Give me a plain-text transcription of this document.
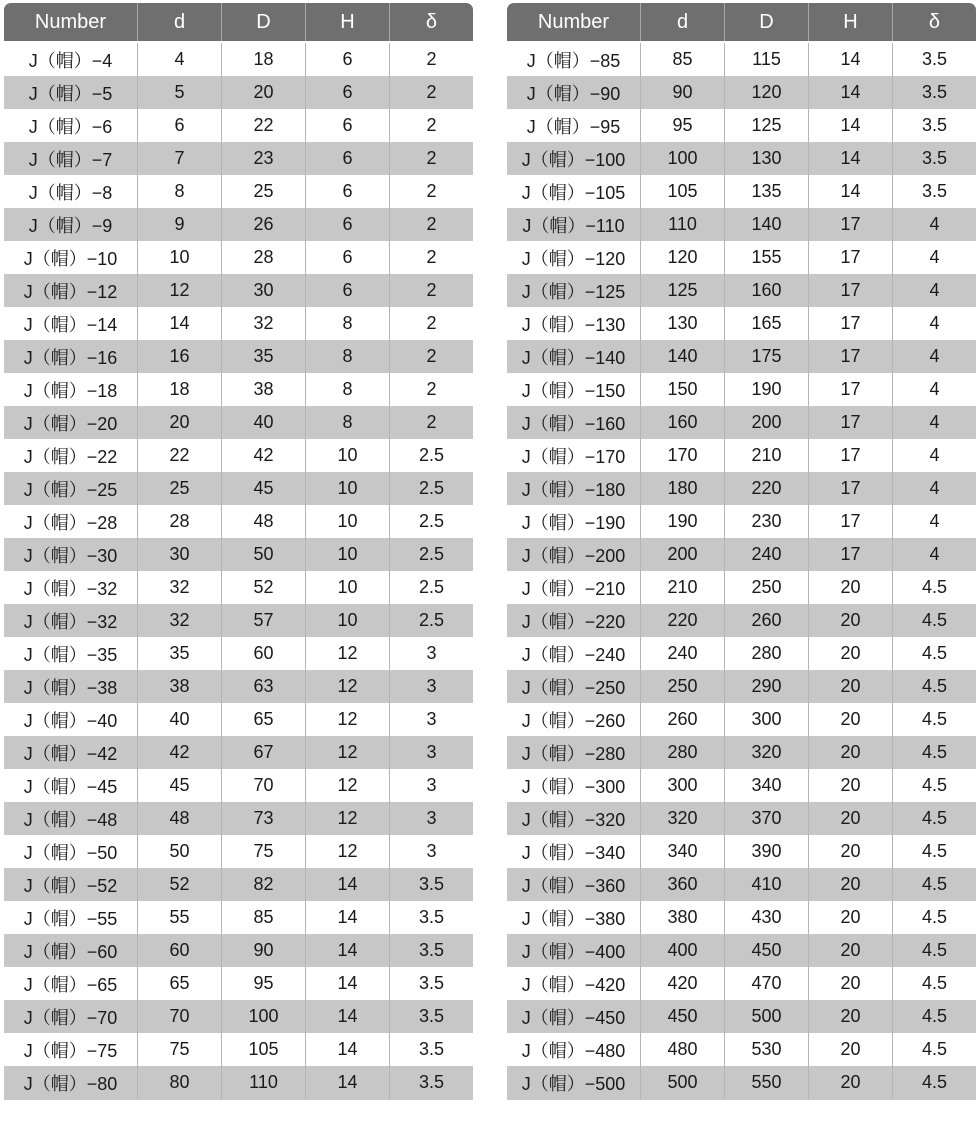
Number	d	D	H	δ

J（帽）−4	4	18	6	2
J（帽）−5	5	20	6	2
J（帽）−6	6	22	6	2
J（帽）−7	7	23	6	2
J（帽）−8	8	25	6	2
J（帽）−9	9	26	6	2
J（帽）−10	10	28	6	2
J（帽）−12	12	30	6	2
J（帽）−14	14	32	8	2
J（帽）−16	16	35	8	2
J（帽）−18	18	38	8	2
J（帽）−20	20	40	8	2
J（帽）−22	22	42	10	2.5
J（帽）−25	25	45	10	2.5
J（帽）−28	28	48	10	2.5
J（帽）−30	30	50	10	2.5
J（帽）−32	32	52	10	2.5
J（帽）−32	32	57	10	2.5
J（帽）−35	35	60	12	3
J（帽）−38	38	63	12	3
J（帽）−40	40	65	12	3
J（帽）−42	42	67	12	3
J（帽）−45	45	70	12	3
J（帽）−48	48	73	12	3
J（帽）−50	50	75	12	3
J（帽）−52	52	82	14	3.5
J（帽）−55	55	85	14	3.5
J（帽）−60	60	90	14	3.5
J（帽）−65	65	95	14	3.5
J（帽）−70	70	100	14	3.5
J（帽）−75	75	105	14	3.5
J（帽）−80	80	110	14	3.5
Number	d	D	H	δ

J（帽）−85	85	115	14	3.5
J（帽）−90	90	120	14	3.5
J（帽）−95	95	125	14	3.5
J（帽）−100	100	130	14	3.5
J（帽）−105	105	135	14	3.5
J（帽）−110	110	140	17	4
J（帽）−120	120	155	17	4
J（帽）−125	125	160	17	4
J（帽）−130	130	165	17	4
J（帽）−140	140	175	17	4
J（帽）−150	150	190	17	4
J（帽）−160	160	200	17	4
J（帽）−170	170	210	17	4
J（帽）−180	180	220	17	4
J（帽）−190	190	230	17	4
J（帽）−200	200	240	17	4
J（帽）−210	210	250	20	4.5
J（帽）−220	220	260	20	4.5
J（帽）−240	240	280	20	4.5
J（帽）−250	250	290	20	4.5
J（帽）−260	260	300	20	4.5
J（帽）−280	280	320	20	4.5
J（帽）−300	300	340	20	4.5
J（帽）−320	320	370	20	4.5
J（帽）−340	340	390	20	4.5
J（帽）−360	360	410	20	4.5
J（帽）−380	380	430	20	4.5
J（帽）−400	400	450	20	4.5
J（帽）−420	420	470	20	4.5
J（帽）−450	450	500	20	4.5
J（帽）−480	480	530	20	4.5
J（帽）−500	500	550	20	4.5
